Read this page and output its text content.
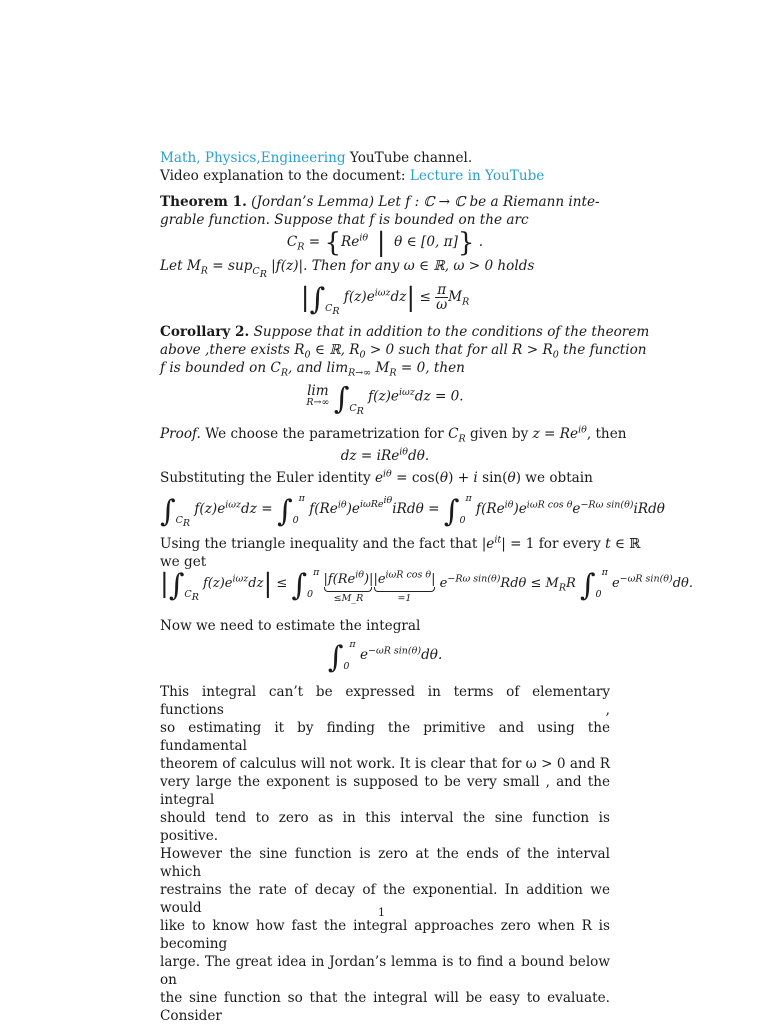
Math, Physics,Engineering YouTube channel.
Video explanation to the document: Lecture in YouTube
Theorem 1. (Jordan’s Lemma) Let f : ℂ → ℂ be a Riemann inte-
grable function. Suppose that f is bounded on the arc
$C_R = \{Re^{i\theta}$ |  θ ∈ [0, π]} .
Let $M_R = sup_{C_R}$ |f(z)|. Then for any ω ∈ ℝ, ω > 0 holds
$|\int_{C_R}$ $f(z)e^{i\omega z}dz| \le \frac{\pi}{\omega} M_R$
Corollary 2. Suppose that in addition to the conditions of the theorem
above ,there exists $R_0$ ∈ ℝ, $R_0 > 0$ such that for all $R > R_0$ the function
f is bounded on $C_R$, and $\lim_{R\to\infty} M_R = 0$, then
lim
R→∞ $\int_{C_R}$ $f(z)e^{i\omega z}dz = 0$.
Proof. We choose the parametrization for $C_R$ given by $z = Re^{i\theta}$, then
dz = iRe$^{i\theta}$dθ.
Substituting the Euler identity $e^{i\theta} = \cos(\theta) + i$ sin(θ) we obtain
$\int_{C_R}$ $f(z)e^{i\omega z}dz = \int_0^\pi$ $f(Re^{i\theta})e^{i\omega Re^{i\theta}}iRd\theta = \int_0^\pi$ $f(Re^{i\theta})e^{i\omega R cos \theta}e^{-R\omega sin(\theta)}iRd\theta$
Using the triangle inequality and the fact that $|e^{it}| = 1$ for every t ∈ ℝ
we get
$|\int_{C_R}$ $f(z)e^{i\omega z}dz| \le \int_0^\pi$ $|f(Re^{i\theta})|$
≤M_R
$|e^{i\omega R cos \theta}|$
=1
$e^{-R\omega sin(\theta)}Rd\theta \le M_RR$ $\int_0^\pi$ $e^{-\omega R sin(\theta)}d\theta$.
Now we need to estimate the integral
$\int_0^\pi$ $e^{-\omega R sin(\theta)}d\theta$.
This integral can’t be expressed in terms of elementary functions ,
so estimating it by finding the primitive and using the fundamental
theorem of calculus will not work. It is clear that for ω > 0 and R
very large the exponent is supposed to be very small , and the integral
should tend to zero as in this interval the sine function is positive.
However the sine function is zero at the ends of the interval which
restrains the rate of decay of the exponential. In addition we would
like to know how fast the integral approaches zero when R is becoming
large. The great idea in Jordan’s lemma is to find a bound below on
the sine function so that the integral will be easy to evaluate. Consider
1
